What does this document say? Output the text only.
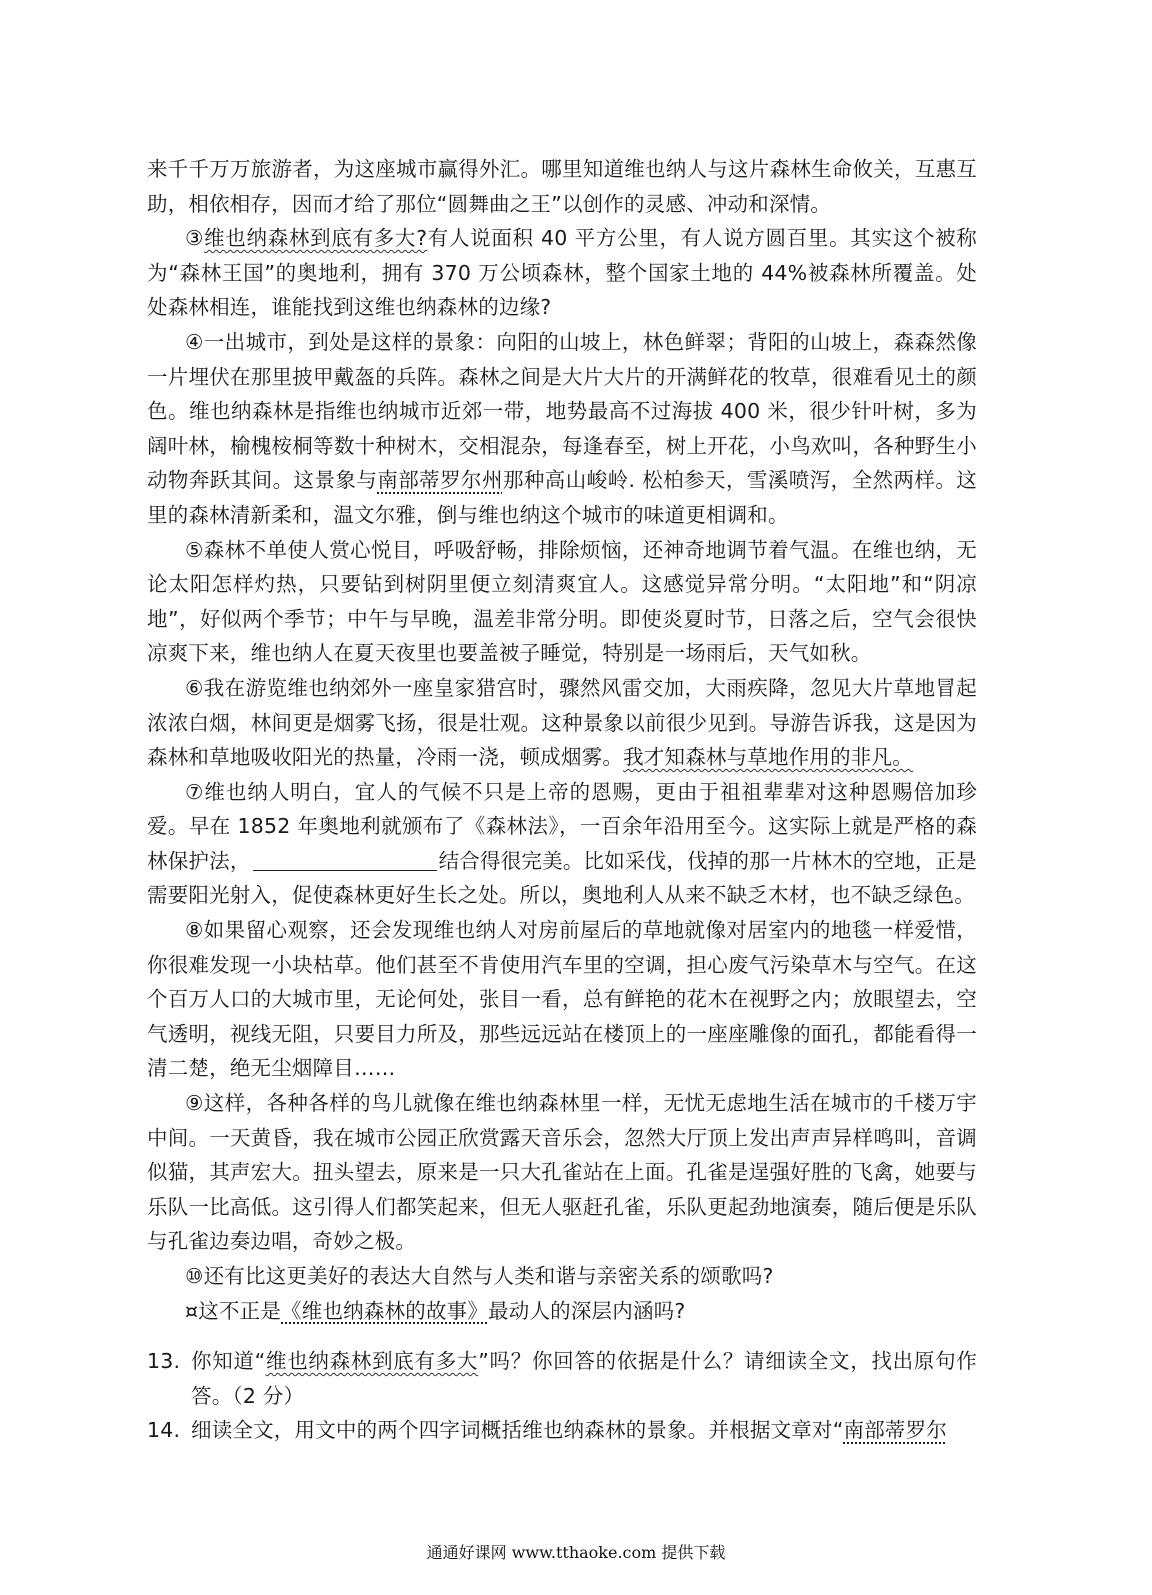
来千千万万旅游者，为这座城市赢得外汇。哪里知道维也纳人与这片森林生命攸关，互惠互助，相依相存，因而才给了那位“圆舞曲之王”以创作的灵感、冲动和深情。

③维也纳森林到底有多大?有人说面积 40 平方公里，有人说方圆百里。其实这个被称为“森林王国”的奥地利，拥有 370 万公顷森林，整个国家土地的 44%被森林所覆盖。处处森林相连，谁能找到这维也纳森林的边缘?

④一出城市，到处是这样的景象：向阳的山坡上，林色鲜翠；背阳的山坡上，森森然像一片埋伏在那里披甲戴盔的兵阵。森林之间是大片大片的开满鲜花的牧草，很难看见土的颜色。维也纳森林是指维也纳城市近郊一带，地势最高不过海拔 400 米，很少针叶树，多为阔叶林，榆槐桉桐等数十种树木，交相混杂，每逢春至，树上开花，小鸟欢叫，各种野生小动物奔跃其间。这景象与南部蒂罗尔州那种高山峻岭. 松柏参天，雪溪喷泻，全然两样。这里的森林清新柔和，温文尔雅，倒与维也纳这个城市的味道更相调和。

⑤森林不单使人赏心悦目，呼吸舒畅，排除烦恼，还神奇地调节着气温。在维也纳，无论太阳怎样灼热，只要钻到树阴里便立刻清爽宜人。这感觉异常分明。“太阳地”和“阴凉地”，好似两个季节；中午与早晚，温差非常分明。即使炎夏时节，日落之后，空气会很快凉爽下来，维也纳人在夏天夜里也要盖被子睡觉，特别是一场雨后，天气如秋。

⑥我在游览维也纳郊外一座皇家猎宫时，骤然风雷交加，大雨疾降，忽见大片草地冒起浓浓白烟，林间更是烟雾飞扬，很是壮观。这种景象以前很少见到。导游告诉我，这是因为森林和草地吸收阳光的热量，冷雨一浇，顿成烟雾。我才知森林与草地作用的非凡。

⑦维也纳人明白，宜人的气候不只是上帝的恩赐，更由于祖祖辈辈对这种恩赐倍加珍爱。早在 1852 年奥地利就颁布了《森林法》，一百余年沿用至今。这实际上就是严格的森林保护法，	结合得很完美。比如采伐，伐掉的那一片林木的空地，正是需要阳光射入，促使森林更好生长之处。所以，奥地利人从来不缺乏木材，也不缺乏绿色。

⑧如果留心观察，还会发现维也纳人对房前屋后的草地就像对居室内的地毯一样爱惜，你很难发现一小块枯草。他们甚至不肯使用汽车里的空调，担心废气污染草木与空气。在这个百万人口的大城市里，无论何处，张目一看，总有鲜艳的花木在视野之内；放眼望去，空气透明，视线无阻，只要目力所及，那些远远站在楼顶上的一座座雕像的面孔，都能看得一清二楚，绝无尘烟障目……

⑨这样，各种各样的鸟儿就像在维也纳森林里一样，无忧无虑地生活在城市的千楼万宇中间。一天黄昏，我在城市公园正欣赏露天音乐会，忽然大厅顶上发出声声异样鸣叫，音调似猫，其声宏大。扭头望去，原来是一只大孔雀站在上面。孔雀是逞强好胜的飞禽，她要与乐队一比高低。这引得人们都笑起来，但无人驱赶孔雀，乐队更起劲地演奏，随后便是乐队与孔雀边奏边唱，奇妙之极。

⑩还有比这更美好的表达大自然与人类和谐与亲密关系的颂歌吗?

¤这不正是《维也纳森林的故事》最动人的深层内涵吗?

13. 你知道“维也纳森林到底有多大”吗？你回答的依据是什么？请细读全文，找出原句作答。（2 分）
14. 细读全文，用文中的两个四字词概括维也纳森林的景象。并根据文章对“南部蒂罗尔
通通好课网 www.tthaoke.com 提供下载
